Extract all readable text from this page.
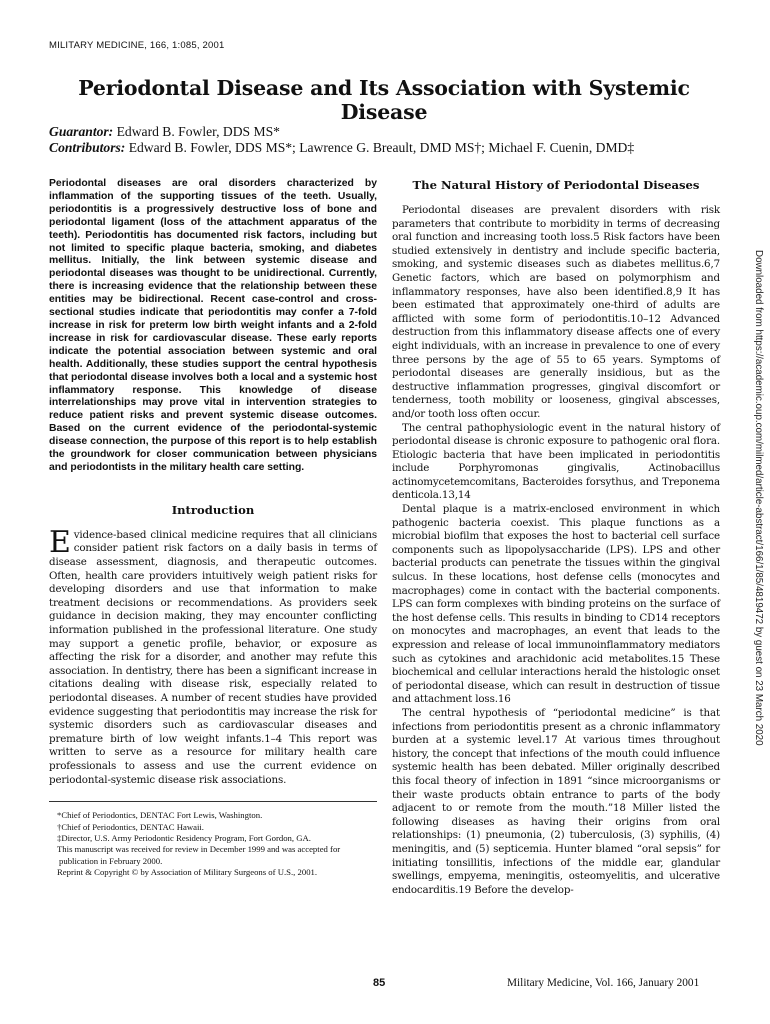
MILITARY MEDICINE, 166, 1:085, 2001
Periodontal Disease and Its Association with Systemic Disease
Guarantor: Edward B. Fowler, DDS MS*
Contributors: Edward B. Fowler, DDS MS*; Lawrence G. Breault, DMD MS†; Michael F. Cuenin, DMD‡

Periodontal diseases are oral disorders characterized by inflammation of the supporting tissues of the teeth. Usually, periodontitis is a progressively destructive loss of bone and periodontal ligament (loss of the attachment apparatus of the teeth). Periodontitis has documented risk factors, including but not limited to specific plaque bacteria, smoking, and diabetes mellitus. Initially, the link between systemic disease and periodontal diseases was thought to be unidirectional. Currently, there is increasing evidence that the relationship between these entities may be bidirectional. Recent case-control and cross-sectional studies indicate that periodontitis may confer a 7-fold increase in risk for preterm low birth weight infants and a 2-fold increase in risk for cardiovascular disease. These early reports indicate the potential association between systemic and oral health. Additionally, these studies support the central hypothesis that periodontal disease involves both a local and a systemic host inflammatory response. This knowledge of disease interrelationships may prove vital in intervention strategies to reduce patient risks and prevent systemic disease outcomes. Based on the current evidence of the periodontal-systemic disease connection, the purpose of this report is to help establish the groundwork for closer communication between physicians and periodontists in the military health care setting.

Introduction

Evidence-based clinical medicine requires that all clinicians consider patient risk factors on a daily basis in terms of disease assessment, diagnosis, and therapeutic outcomes. Often, health care providers intuitively weigh patient risks for developing disorders and use that information to make treatment decisions or recommendations. As providers seek guidance in decision making, they may encounter conflicting information published in the professional literature. One study may support a genetic profile, behavior, or exposure as affecting the risk for a disorder, and another may refute this association. In dentistry, there has been a significant increase in citations dealing with disease risk, especially related to periodontal diseases. A number of recent studies have provided evidence suggesting that periodontitis may increase the risk for systemic disorders such as cardiovascular diseases and premature birth of low weight infants.1–4 This report was written to serve as a resource for military health care professionals to assess and use the current evidence on periodontal-systemic disease risk associations.

*Chief of Periodontics, DENTAC Fort Lewis, Washington.

†Chief of Periodontics, DENTAC Hawaii.

‡Director, U.S. Army Periodontic Residency Program, Fort Gordon, GA.

This manuscript was received for review in December 1999 and was accepted for publication in February 2000.

Reprint & Copyright © by Association of Military Surgeons of U.S., 2001.

The Natural History of Periodontal Diseases

Periodontal diseases are prevalent disorders with risk parameters that contribute to morbidity in terms of decreasing oral function and increasing tooth loss.5 Risk factors have been studied extensively in dentistry and include specific bacteria, smoking, and systemic diseases such as diabetes mellitus.6,7 Genetic factors, which are based on polymorphism and inflammatory responses, have also been identified.8,9 It has been estimated that approximately one-third of adults are afflicted with some form of periodontitis.10–12 Advanced destruction from this inflammatory disease affects one of every eight individuals, with an increase in prevalence to one of every three persons by the age of 55 to 65 years. Symptoms of periodontal diseases are generally insidious, but as the destructive inflammation progresses, gingival discomfort or tenderness, tooth mobility or looseness, gingival abscesses, and/or tooth loss often occur.

The central pathophysiologic event in the natural history of periodontal disease is chronic exposure to pathogenic oral flora. Etiologic bacteria that have been implicated in periodontitis include Porphyromonas gingivalis, Actinobacillus actinomycetemcomitans, Bacteroides forsythus, and Treponema denticola.13,14

Dental plaque is a matrix-enclosed environment in which pathogenic bacteria coexist. This plaque functions as a microbial biofilm that exposes the host to bacterial cell surface components such as lipopolysaccharide (LPS). LPS and other bacterial products can penetrate the tissues within the gingival sulcus. In these locations, host defense cells (monocytes and macrophages) come in contact with the bacterial components. LPS can form complexes with binding proteins on the surface of the host defense cells. This results in binding to CD14 receptors on monocytes and macrophages, an event that leads to the expression and release of local immunoinflammatory mediators such as cytokines and arachidonic acid metabolites.15 These biochemical and cellular interactions herald the histologic onset of periodontal disease, which can result in destruction of tissue and attachment loss.16

The central hypothesis of “periodontal medicine” is that infections from periodontitis present as a chronic inflammatory burden at a systemic level.17 At various times throughout history, the concept that infections of the mouth could influence systemic health has been debated. Miller originally described this focal theory of infection in 1891 “since microorganisms or their waste products obtain entrance to parts of the body adjacent to or remote from the mouth.”18 Miller listed the following diseases as having their origins from oral relationships: (1) pneumonia, (2) tuberculosis, (3) syphilis, (4) meningitis, and (5) septicemia. Hunter blamed “oral sepsis” for initiating tonsillitis, infections of the middle ear, glandular swellings, empyema, meningitis, osteomyelitis, and ulcerative endocarditis.19 Before the develop-

85	Military Medicine, Vol. 166, January 2001
Downloaded from https://academic.oup.com/milmed/article-abstract/166/1/85/4819472 by guest on 23 March 2020
